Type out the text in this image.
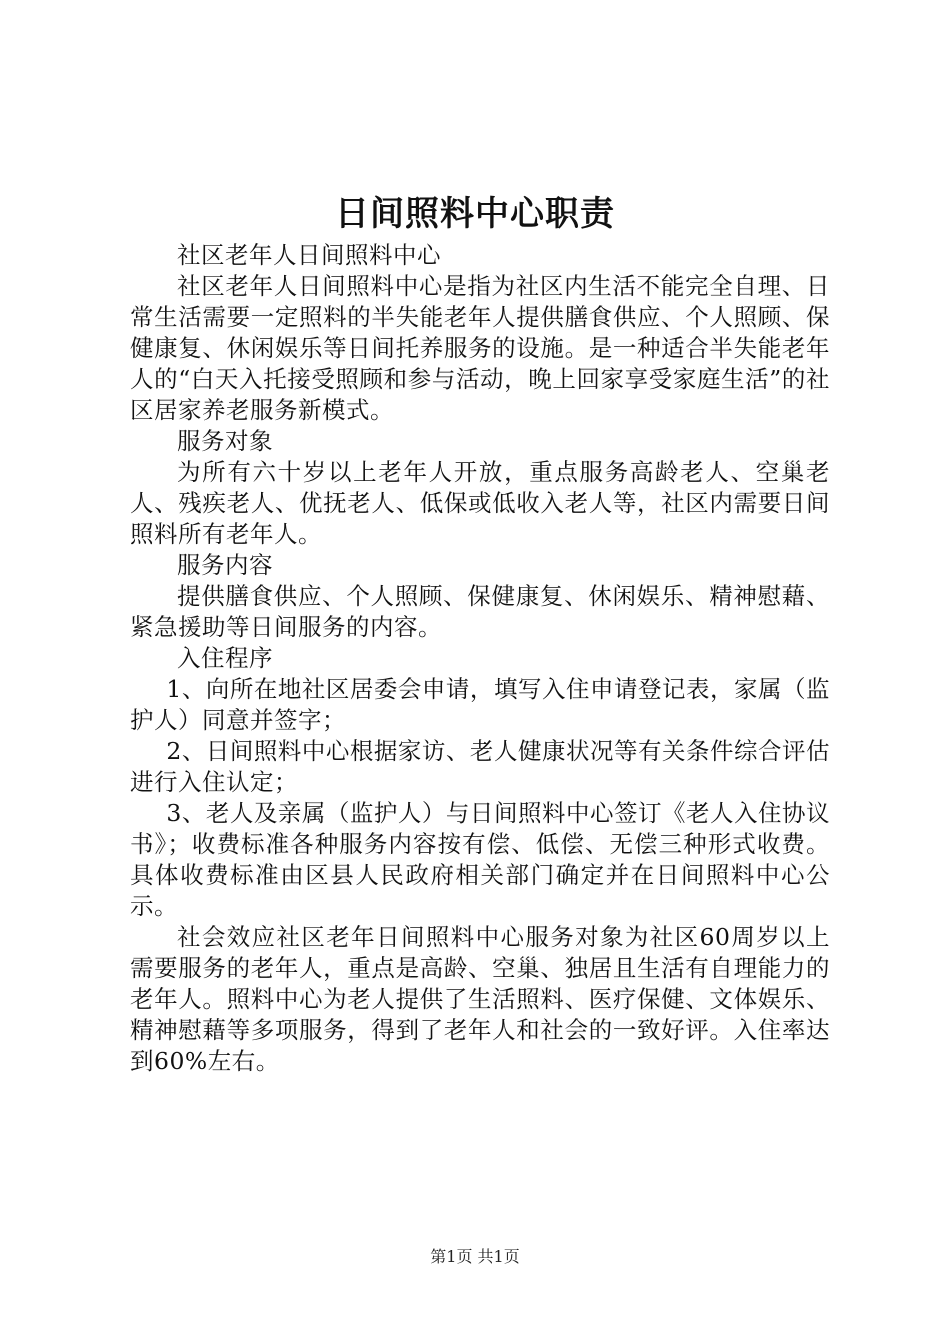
日间照料中心职责

社区老年人日间照料中心

社区老年人日间照料中心是指为社区内生活不能完全自理、日常生活需要一定照料的半失能老年人提供膳食供应、个人照顾、保健康复、休闲娱乐等日间托养服务的设施。是一种适合半失能老年人的“白天入托接受照顾和参与活动，晚上回家享受家庭生活”的社区居家养老服务新模式。

服务对象

为所有六十岁以上老年人开放，重点服务高龄老人、空巢老人、残疾老人、优抚老人、低保或低收入老人等，社区内需要日间照料所有老年人。

服务内容

提供膳食供应、个人照顾、保健康复、休闲娱乐、精神慰藉、紧急援助等日间服务的内容。

入住程序

1、向所在地社区居委会申请，填写入住申请登记表，家属（监护人）同意并签字；

2、日间照料中心根据家访、老人健康状况等有关条件综合评估进行入住认定；

3、老人及亲属（监护人）与日间照料中心签订《老人入住协议书》；收费标准各种服务内容按有偿、低偿、无偿三种形式收费。具体收费标准由区县人民政府相关部门确定并在日间照料中心公示。

社会效应社区老年日间照料中心服务对象为社区60周岁以上需要服务的老年人，重点是高龄、空巢、独居且生活有自理能力的老年人。照料中心为老人提供了生活照料、医疗保健、文体娱乐、精神慰藉等多项服务，得到了老年人和社会的一致好评。入住率达到60%左右。

第1页 共1页
